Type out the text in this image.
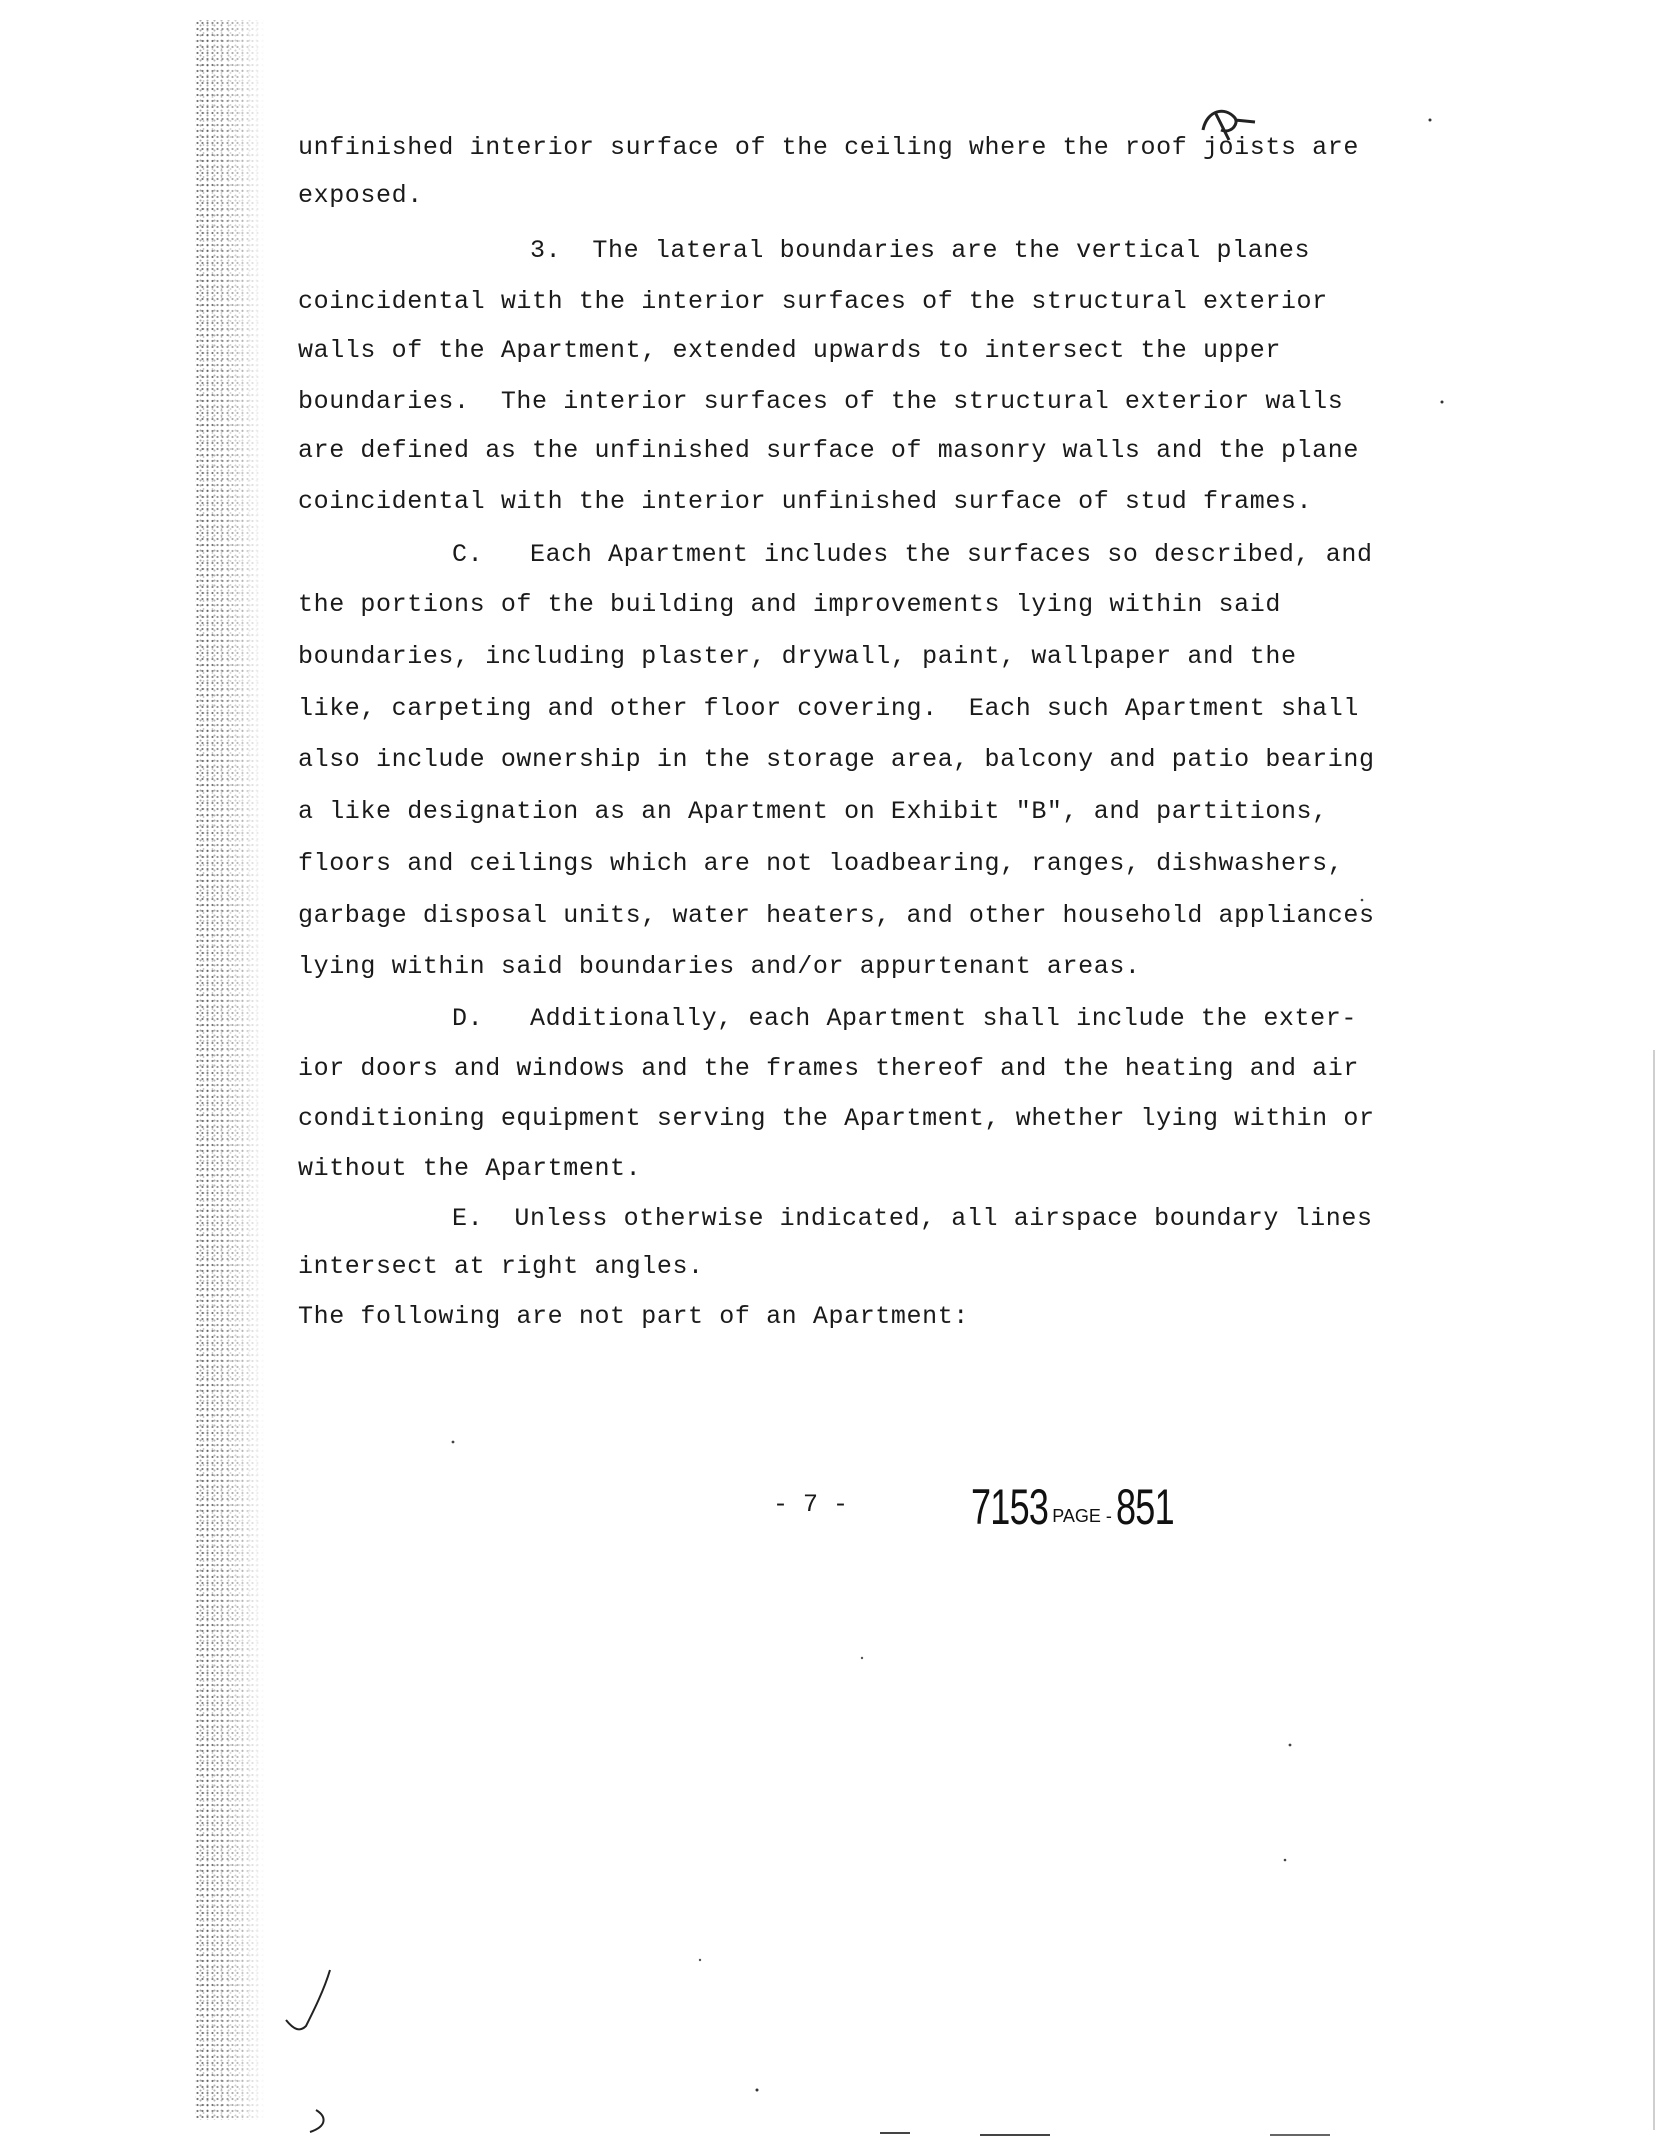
unfinished interior surface of the ceiling where the roof joists are
exposed.
3.  The lateral boundaries are the vertical planes
coincidental with the interior surfaces of the structural exterior
walls of the Apartment, extended upwards to intersect the upper
boundaries.  The interior surfaces of the structural exterior walls
are defined as the unfinished surface of masonry walls and the plane
coincidental with the interior unfinished surface of stud frames.
C.   Each Apartment includes the surfaces so described, and
the portions of the building and improvements lying within said
boundaries, including plaster, drywall, paint, wallpaper and the
like, carpeting and other floor covering.  Each such Apartment shall
also include ownership in the storage area, balcony and patio bearing
a like designation as an Apartment on Exhibit "B", and partitions,
floors and ceilings which are not loadbearing, ranges, dishwashers,
garbage disposal units, water heaters, and other household appliances
lying within said boundaries and/or appurtenant areas.
D.   Additionally, each Apartment shall include the exter-
ior doors and windows and the frames thereof and the heating and air
conditioning equipment serving the Apartment, whether lying within or
without the Apartment.
E.  Unless otherwise indicated, all airspace boundary lines
intersect at right angles.
The following are not part of an Apartment:
- 7 - 7153 PAGE -851
